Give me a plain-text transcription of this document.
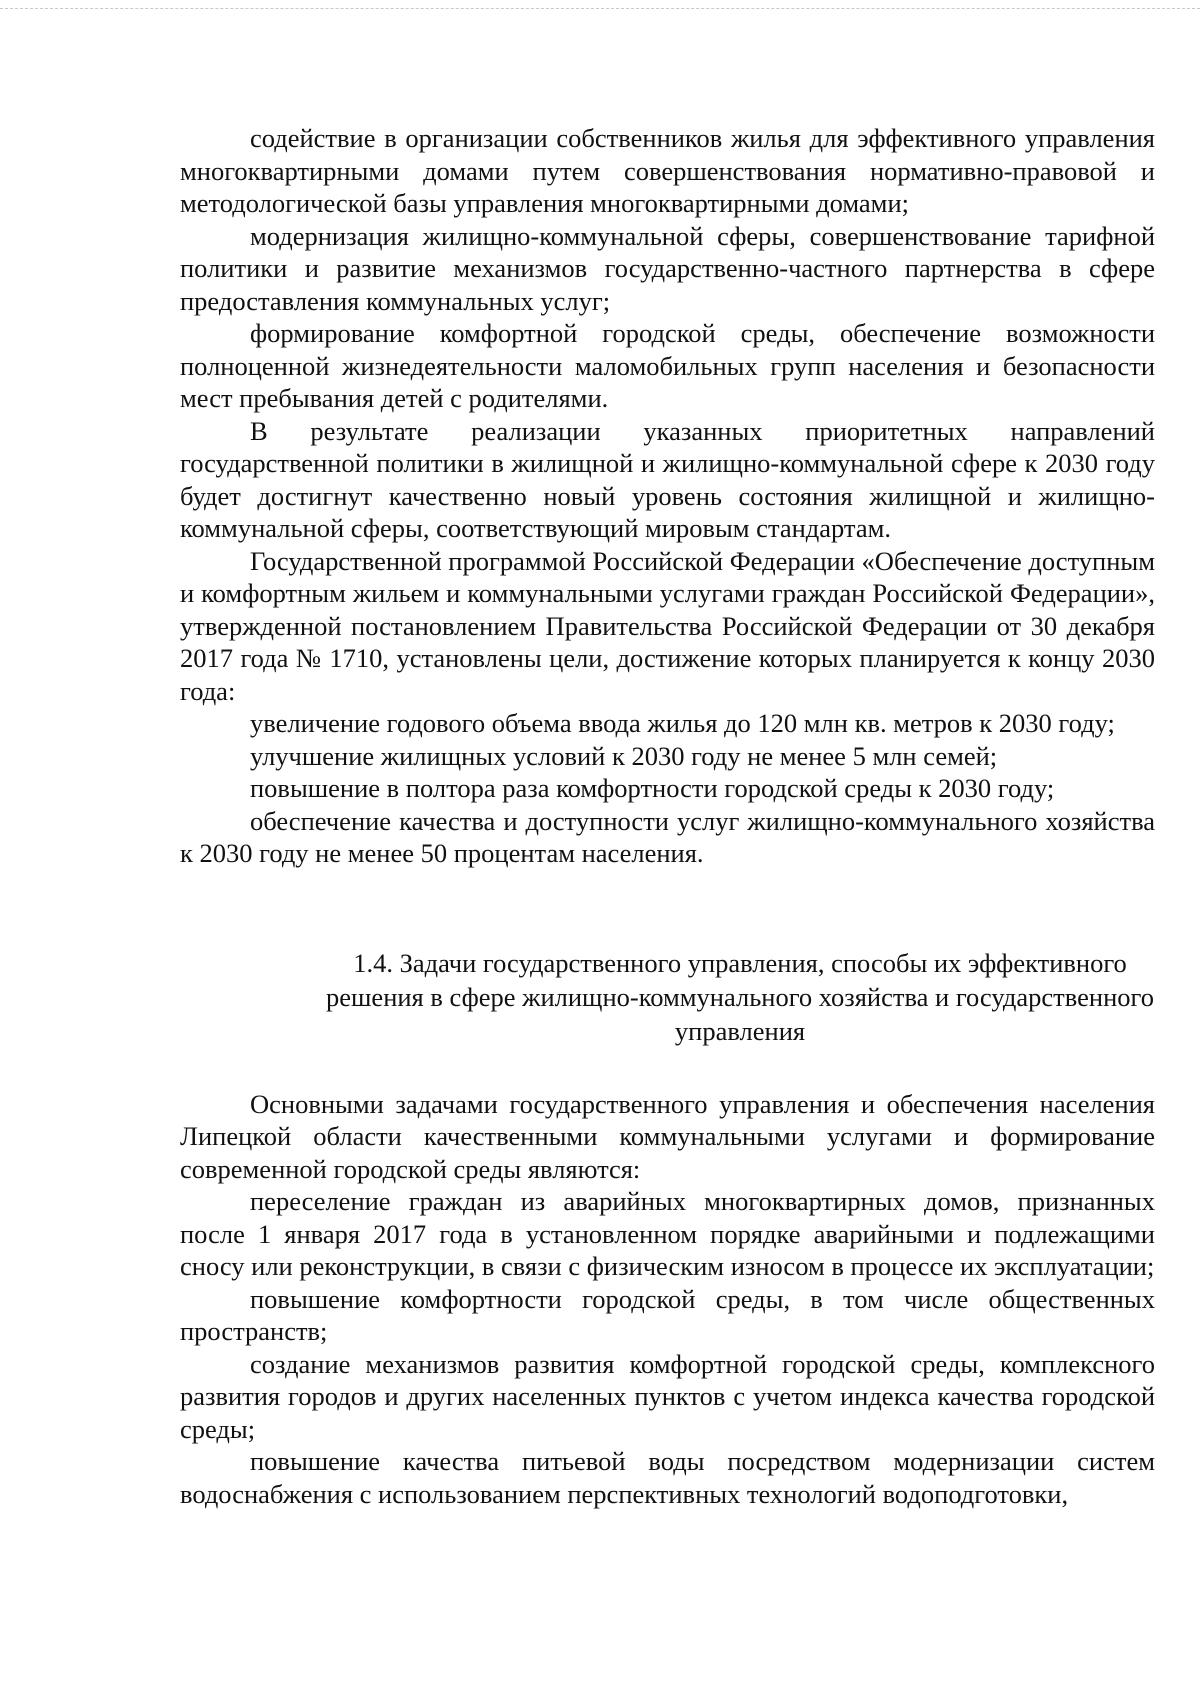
содействие в организации собственников жилья для эффективного управления многоквартирными домами путем совершенствования нормативно-правовой и методологической базы управления многоквартирными домами;

модернизация жилищно-коммунальной сферы, совершенствование тарифной политики и развитие механизмов государственно-частного партнерства в сфере предоставления коммунальных услуг;

формирование комфортной городской среды, обеспечение возможности полноценной жизнедеятельности маломобильных групп населения и безопасности мест пребывания детей с родителями.

В результате реализации указанных приоритетных направлений государственной политики в жилищной и жилищно-коммунальной сфере к 2030 году будет достигнут качественно новый уровень состояния жилищной и жилищно-коммунальной сферы, соответствующий мировым стандартам.

Государственной программой Российской Федерации «Обеспечение доступным и комфортным жильем и коммунальными услугами граждан Российской Федерации», утвержденной постановлением Правительства Российской Федерации от 30 декабря 2017 года № 1710, установлены цели, достижение которых планируется к концу 2030 года:

увеличение годового объема ввода жилья до 120 млн кв. метров к 2030 году;

улучшение жилищных условий к 2030 году не менее 5 млн семей;

повышение в полтора раза комфортности городской среды к 2030 году;

обеспечение качества и доступности услуг жилищно-коммунального хозяйства к 2030 году не менее 50 процентам населения.

1.4. Задачи государственного управления, способы их эффективного решения в сфере жилищно-коммунального хозяйства и государственного управления

Основными задачами государственного управления и обеспечения населения Липецкой области качественными коммунальными услугами и формирование современной городской среды являются:

переселение граждан из аварийных многоквартирных домов, признанных после 1 января 2017 года в установленном порядке аварийными и подлежащими сносу или реконструкции, в связи с физическим износом в процессе их эксплуатации;

повышение комфортности городской среды, в том числе общественных пространств;

создание механизмов развития комфортной городской среды, комплексного развития городов и других населенных пунктов с учетом индекса качества городской среды;

повышение качества питьевой воды посредством модернизации систем водоснабжения с использованием перспективных технологий водоподготовки,
